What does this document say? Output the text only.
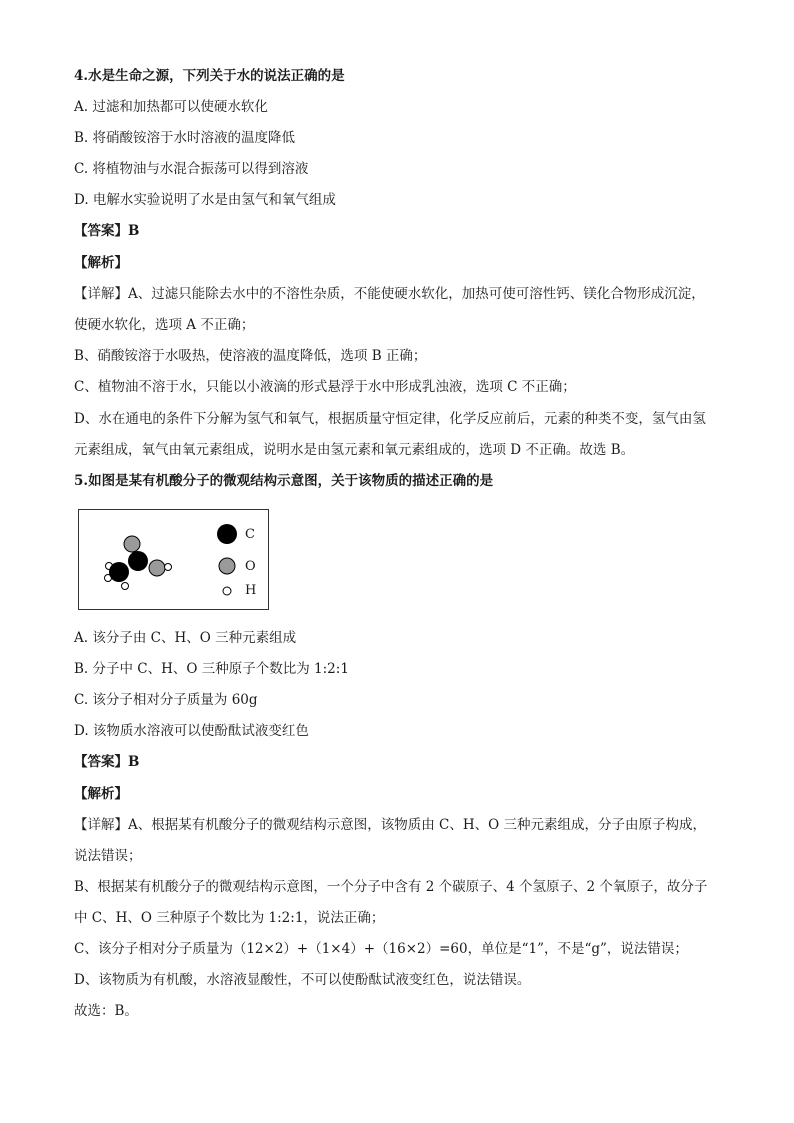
4.水是生命之源，下列关于水的说法正确的是
A. 过滤和加热都可以使硬水软化
B. 将硝酸铵溶于水时溶液的温度降低
C. 将植物油与水混合振荡可以得到溶液
D. 电解水实验说明了水是由氢气和氧气组成
【答案】B
【解析】
【详解】A、过滤只能除去水中的不溶性杂质，不能使硬水软化，加热可使可溶性钙、镁化合物形成沉淀，
使硬水软化，选项 A 不正确；
B、硝酸铵溶于水吸热，使溶液的温度降低，选项 B 正确；
C、植物油不溶于水，只能以小液滴的形式悬浮于水中形成乳浊液，选项 C 不正确；
D、水在通电的条件下分解为氢气和氧气，根据质量守恒定律，化学反应前后，元素的种类不变，氢气由氢
元素组成，氧气由氧元素组成，说明水是由氢元素和氧元素组成的，选项 D 不正确。故选 B。
5.如图是某有机酸分子的微观结构示意图，关于该物质的描述正确的是
C
O
H
A. 该分子由 C、H、O 三种元素组成
B. 分子中 C、H、O 三种原子个数比为 1:2:1
C. 该分子相对分子质量为 60g
D. 该物质水溶液可以使酚酞试液变红色
【答案】B
【解析】
【详解】A、根据某有机酸分子的微观结构示意图，该物质由 C、H、O 三种元素组成，分子由原子构成，
说法错误；
B、根据某有机酸分子的微观结构示意图，一个分子中含有 2 个碳原子、4 个氢原子、2 个氧原子，故分子
中 C、H、O 三种原子个数比为 1:2:1，说法正确；
C、该分子相对分子质量为（12×2）+（1×4）+（16×2）=60，单位是“1”，不是“g”，说法错误；
D、该物质为有机酸，水溶液显酸性，不可以使酚酞试液变红色，说法错误。
故选：B。
